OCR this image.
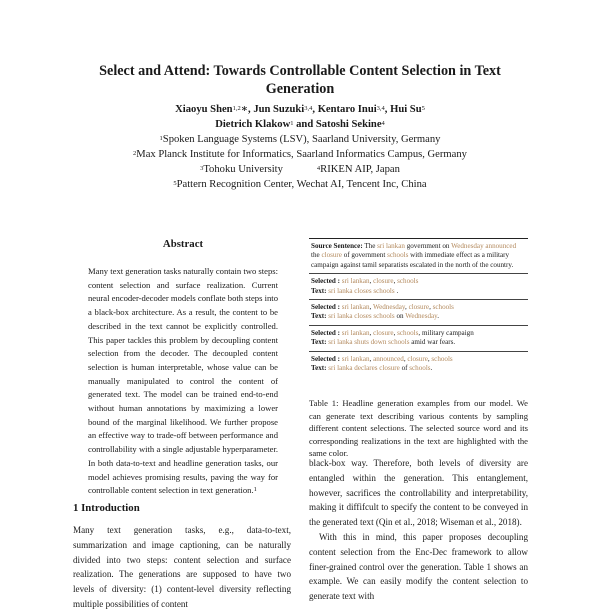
Select and Attend: Towards Controllable Content Selection in Text Generation
Xiaoyu Shen$^{1,2}$∗, Jun Suzuki$^{3,4}$, Kentaro Inui$^{3,4}$, Hui Su$^5$
Dietrich Klakow$^1$ and Satoshi Sekine$^4$
$^1$Spoken Language Systems (LSV), Saarland University, Germany
$^2$Max Planck Institute for Informatics, Saarland Informatics Campus, Germany
$^3$Tohoku University	$^4$RIKEN AIP, Japan
$^5$Pattern Recognition Center, Wechat AI, Tencent Inc, China
Abstract
Many text generation tasks naturally contain two steps: content selection and surface realization. Current neural encoder-decoder models conflate both steps into a black-box architecture. As a result, the content to be described in the text cannot be explicitly controlled. This paper tackles this problem by decoupling content selection from the decoder. The decoupled content selection is human interpretable, whose value can be manually manipulated to control the content of generated text. The model can be trained end-to-end without human annotations by maximizing a lower bound of the marginal likelihood. We further propose an effective way to trade-off between performance and controllability with a single adjustable hyperparameter. In both data-to-text and headline generation tasks, our model achieves promising results, paving the way for controllable content selection in text generation.$^1$
1 Introduction
Many text generation tasks, e.g., data-to-text, summarization and image captioning, can be naturally divided into two steps: content selection and surface realization. The generations are supposed to have two levels of diversity: (1) content-level diversity reflecting multiple possibilities of content
Source Sentence: The sri lankan government on Wednesday announced the closure of government schools with immediate effect as a military campaign against tamil separatists escalated in the north of the country.
Selected : sri lankan, closure, schools
Text: sri lanka closes schools .
Selected : sri lankan, Wednesday, closure, schools
Text: sri lanka closes schools on Wednesday.
Selected : sri lankan, closure, schools, military campaign
Text: sri lanka shuts down schools amid war fears.
Selected : sri lankan, announced, closure, schools
Text: sri lanka declares closure of schools.
Table 1: Headline generation examples from our model. We can generate text describing various contents by sampling different content selections. The selected source word and its corresponding realizations in the text are highlighted with the same color.
black-box way. Therefore, both levels of diversity are entangled within the generation. This entanglement, however, sacrifices the controllability and interpretability, making it diffifcult to specify the content to be conveyed in the generated text (Qin et al., 2018; Wiseman et al., 2018).
With this in mind, this paper proposes decoupling content selection from the Enc-Dec framework to allow finer-grained control over the generation. Table 1 shows an example. We can easily modify the content selection to generate text with
